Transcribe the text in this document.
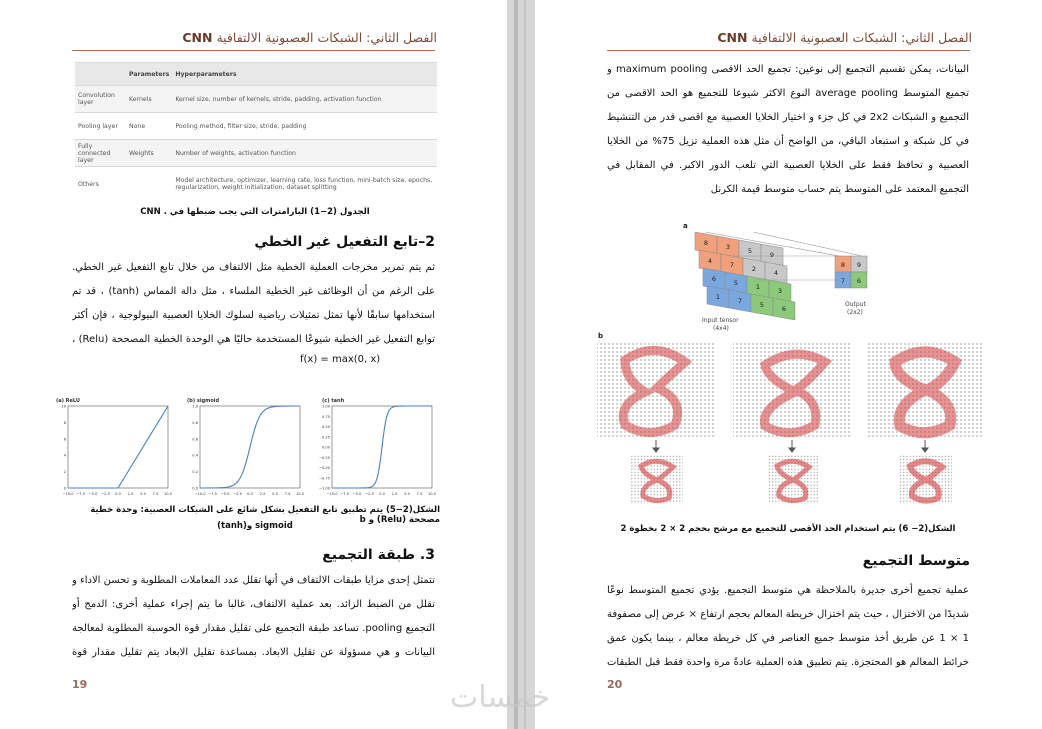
الفصل الثاني: الشبكات العصبونية الالتفافية CNN
	Parameters	Hyperparameters
Convolution layer	Kernels	Kernel size, number of kernels, stride, padding, activation function
Pooling layer	None	Pooling method, filter size, stride, padding
Fully connected layer	Weights	Number of weights, activation function
Others		Model architecture, optimizer, learning rate, loss function, mini-batch size, epochs, regularization, weight initialization, dataset splitting
الجدول (2−1) البارامترات التي يجب ضبطها في . CNN
2–تابع التفعيل غير الخطي
ثم يتم تمرير مخرجات العملية الخطية مثل الالتفاف من خلال تابع التفعيل غير الخطي. على الرغم من أن الوظائف غير الخطية الملساء ، مثل دالة المماس (tanh) ، قد تم استخدامها سابقًا لأنها تمثل تمثيلات رياضية لسلوك الخلايا العصبية البيولوجية ، فإن أكثر توابع التفعيل غير الخطية شيوعًا المستخدمة حاليًا هي الوحدة الخطية المصححة (Relu) ،
f(x) = max(0, x)
(a) ReLU	(b) sigmoid	(c) tanh
−10.0 −7.5 −5.0 −2.5 0.0 2.5 5.0 7.5 10.0
10
8
6
4
2
0
−10.0 −7.5 −5.0 −2.5 0.0 2.5 5.0 7.5 10.0
1.0
0.8
0.6
0.4
0.2
0.0
−10.0 −7.5 −5.0 −2.5 0.0 2.5 5.0 7.5 10.0
1.00
0.75
0.50
0.25
0.00
−0.25
−0.50
−0.75
−1.00
الشكل(2−5) يتم تطبيق تابع التفعيل بشكل شائع على الشبكات العصبية: وحدة خطية مصححة (Relu) و b
sigmoid و(tanh)
3. طبقة التجميع
تتمثل إحدى مزايا طبقات الالتفاف في أنها تقلل عدد المعاملات المطلوبة و تحسن الاداء و تقلل من الضبط الزائد. بعد عملية الالتفاف، غالبا ما يتم إجراء عملية أخرى: الدمج أو التجميع pooling. تساعد طبقة التجميع على تقليل مقدار قوة الحوسبة المطلوبة لمعالجة البيانات و هي مسؤولة عن تقليل الابعاد. بمساعدة تقليل الابعاد يتم تقليل مقدار قوة
19
الفصل الثاني: الشبكات العصبونية الالتفافية CNN
البيانات، يمكن تقسيم التجميع إلى نوعين: تجميع الحد الاقصى maximum pooling و تجميع المتوسط average pooling النوع الاكثر شيوعا للتجميع هو الحد الاقصى من التجميع و الشبكات 2x2 في كل جزء و اختيار الخلايا العصبية مع اقصى قدر من التنشيط في كل شبكة و استبعاد الباقي، من الواضح أن مثل هذه العملية تزيل 75% من الخلايا العصبية و تحافظ فقط على الخلايا العصبية التي تلعب الدور الاكبر. في المقابل في التجميع المعتمد على المتوسط يتم حساب متوسط قيمة الكرنل
a
8	3	5	9
4	7	2	4
6	5	1	3
1	7	5	6
8 9
7 6
Input tensor
(4x4)
Output
(2x2)
b
الشكل(2− 6) يتم استخدام الحد الأقصى للتجميع مع مرشح بحجم 2 × 2 بخطوة 2
متوسط التجميع
عملية تجميع أخرى جديرة بالملاحظة هي متوسط التجميع. يؤدي تجميع المتوسط نوعًا شديدًا من الاختزال ، حيث يتم اختزال خريطة المعالم بحجم ارتفاع × عرض إلى مصفوفة 1 × 1 عن طريق أخذ متوسط جميع العناصر في كل خريطة معالم ، بينما يكون عمق خرائط المعالم هو المحتجزة. يتم تطبيق هذه العملية عادةً مرة واحدة فقط قبل الطبقات
20
خمسات
